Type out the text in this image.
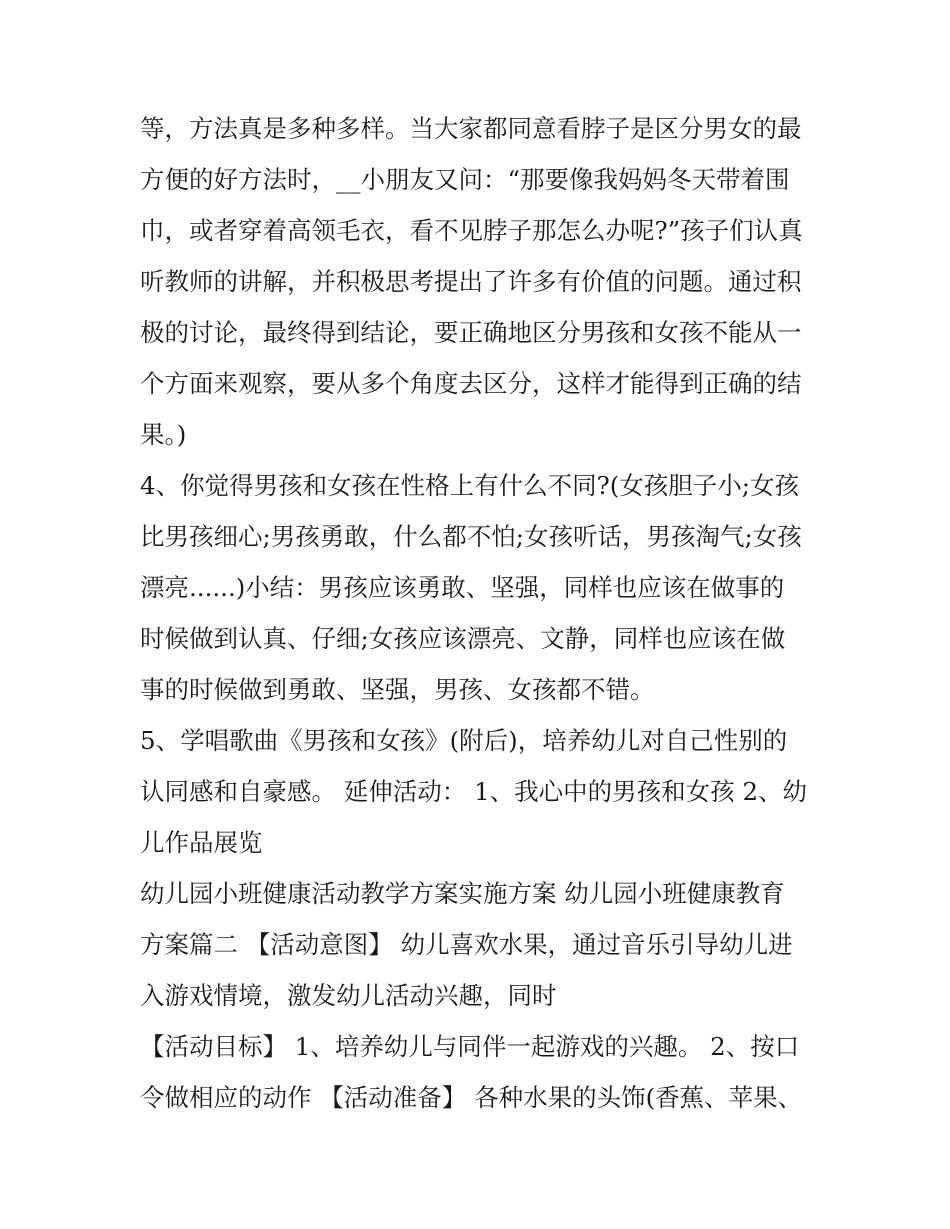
等，方法真是多种多样。当大家都同意看脖子是区分男女的最
方便的好方法时，__小朋友又问：“那要像我妈妈冬天带着围
巾，或者穿着高领毛衣，看不见脖子那怎么办呢?”孩子们认真
听教师的讲解，并积极思考提出了许多有价值的问题。通过积
极的讨论，最终得到结论，要正确地区分男孩和女孩不能从一
个方面来观察，要从多个角度去区分，这样才能得到正确的结
果。)
4、你觉得男孩和女孩在性格上有什么不同?(女孩胆子小;女孩
比男孩细心;男孩勇敢，什么都不怕;女孩听话，男孩淘气;女孩
漂亮......)小结：男孩应该勇敢、坚强，同样也应该在做事的
时候做到认真、仔细;女孩应该漂亮、文静，同样也应该在做
事的时候做到勇敢、坚强，男孩、女孩都不错。
5、学唱歌曲《男孩和女孩》(附后)，培养幼儿对自己性别的
认同感和自豪感。 延伸活动： 1、我心中的男孩和女孩 2、幼
儿作品展览
幼儿园小班健康活动教学方案实施方案 幼儿园小班健康教育
方案篇二 【活动意图】 幼儿喜欢水果，通过音乐引导幼儿进
入游戏情境，激发幼儿活动兴趣，同时
【活动目标】 1、培养幼儿与同伴一起游戏的兴趣。 2、按口
令做相应的动作 【活动准备】 各种水果的头饰(香蕉、苹果、
